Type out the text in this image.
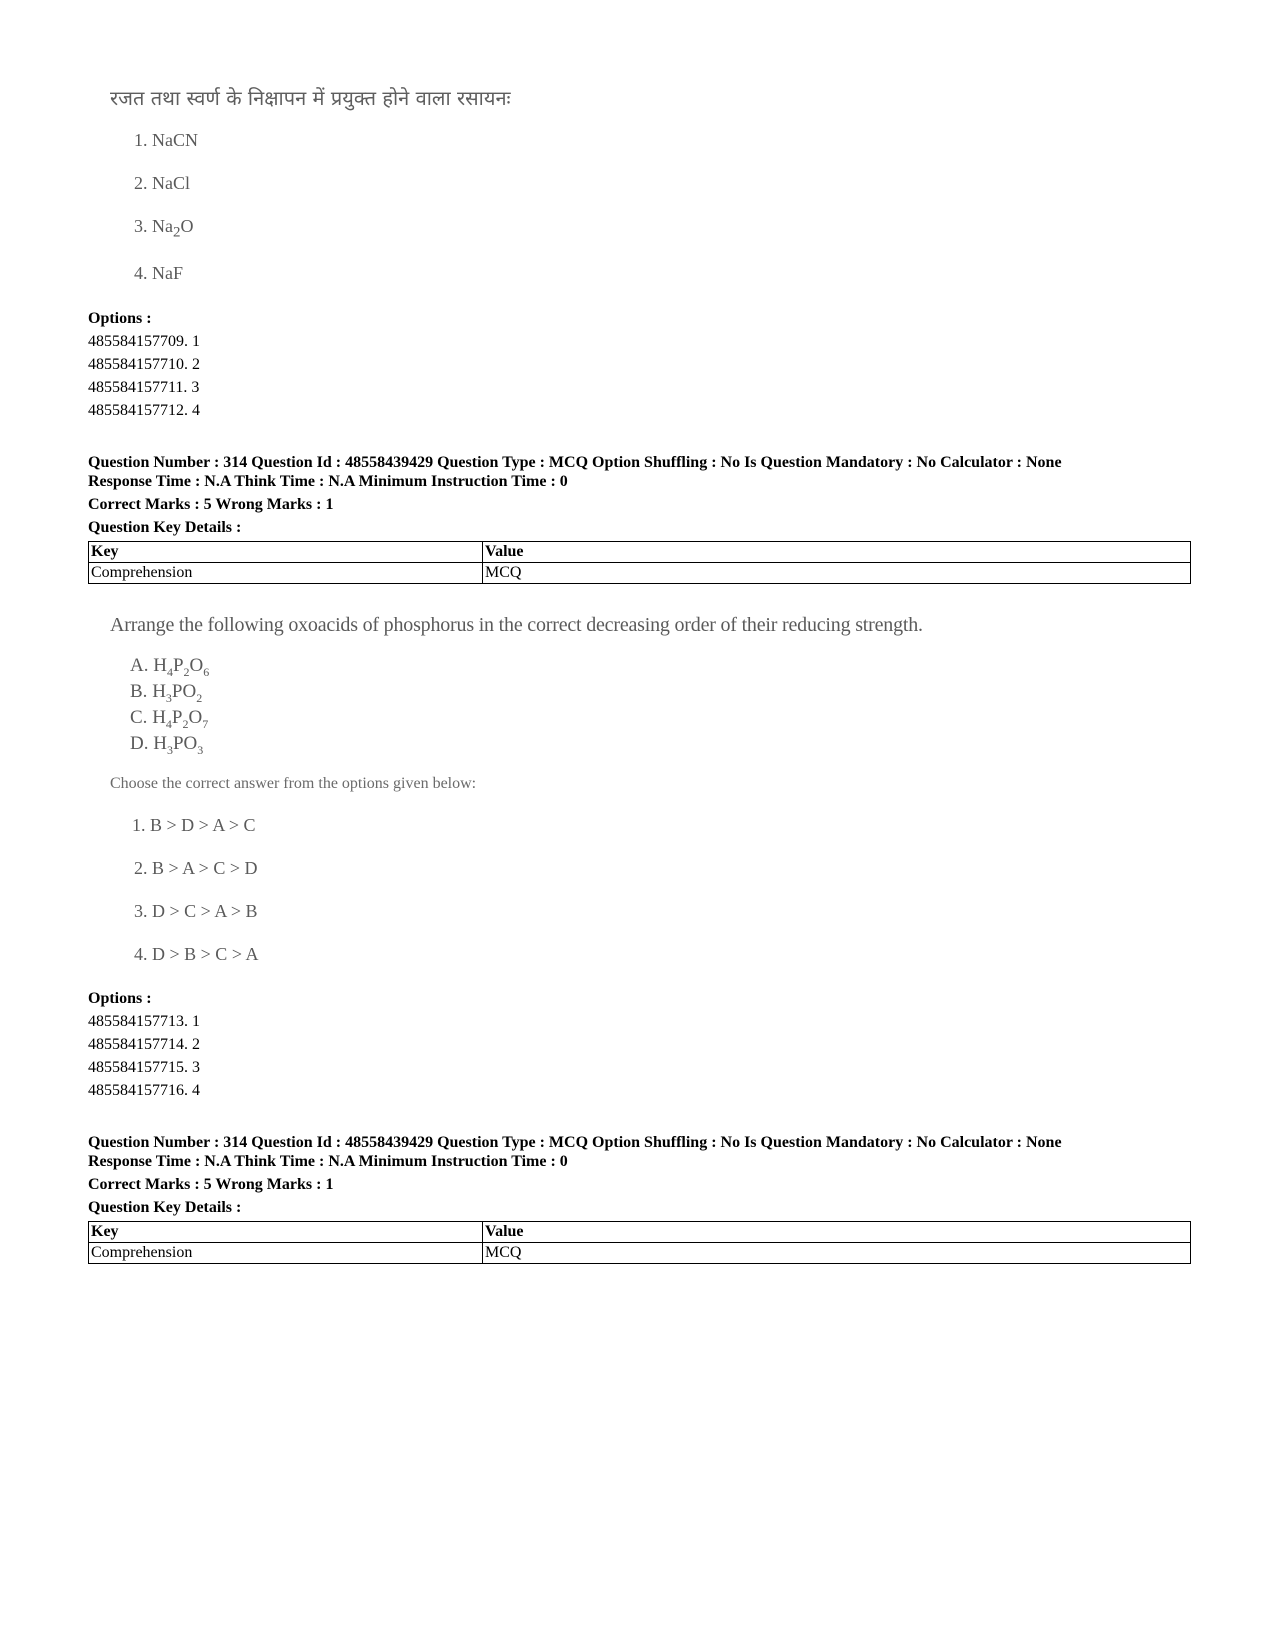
रजत तथा स्वर्ण के निक्षापन में प्रयुक्त होने वाला रसायनः
1. NaCN
2. NaCl
3. $Na_2O$
4. NaF
Options :
485584157709. 1
485584157710. 2
485584157711. 3
485584157712. 4
Question Number : 314 Question Id : 48558439429 Question Type : MCQ Option Shuffling : No Is Question Mandatory : No Calculator : None
Response Time : N.A Think Time : N.A Minimum Instruction Time : 0
Correct Marks : 5 Wrong Marks : 1
Question Key Details :
Key	Value
Comprehension	MCQ
Arrange the following oxoacids of phosphorus in the correct decreasing order of their reducing strength.
A. $H_4P_2O_6$
B. $H_3PO_2$
C. $H_4P_2O_7$
D. $H_3PO_3$
Choose the correct answer from the options given below:
1. B > D > A > C
2. B > A > C > D
3. D > C > A > B
4. D > B > C > A
Options :
485584157713. 1
485584157714. 2
485584157715. 3
485584157716. 4
Question Number : 314 Question Id : 48558439429 Question Type : MCQ Option Shuffling : No Is Question Mandatory : No Calculator : None
Response Time : N.A Think Time : N.A Minimum Instruction Time : 0
Correct Marks : 5 Wrong Marks : 1
Question Key Details :
Key	Value
Comprehension	MCQ
